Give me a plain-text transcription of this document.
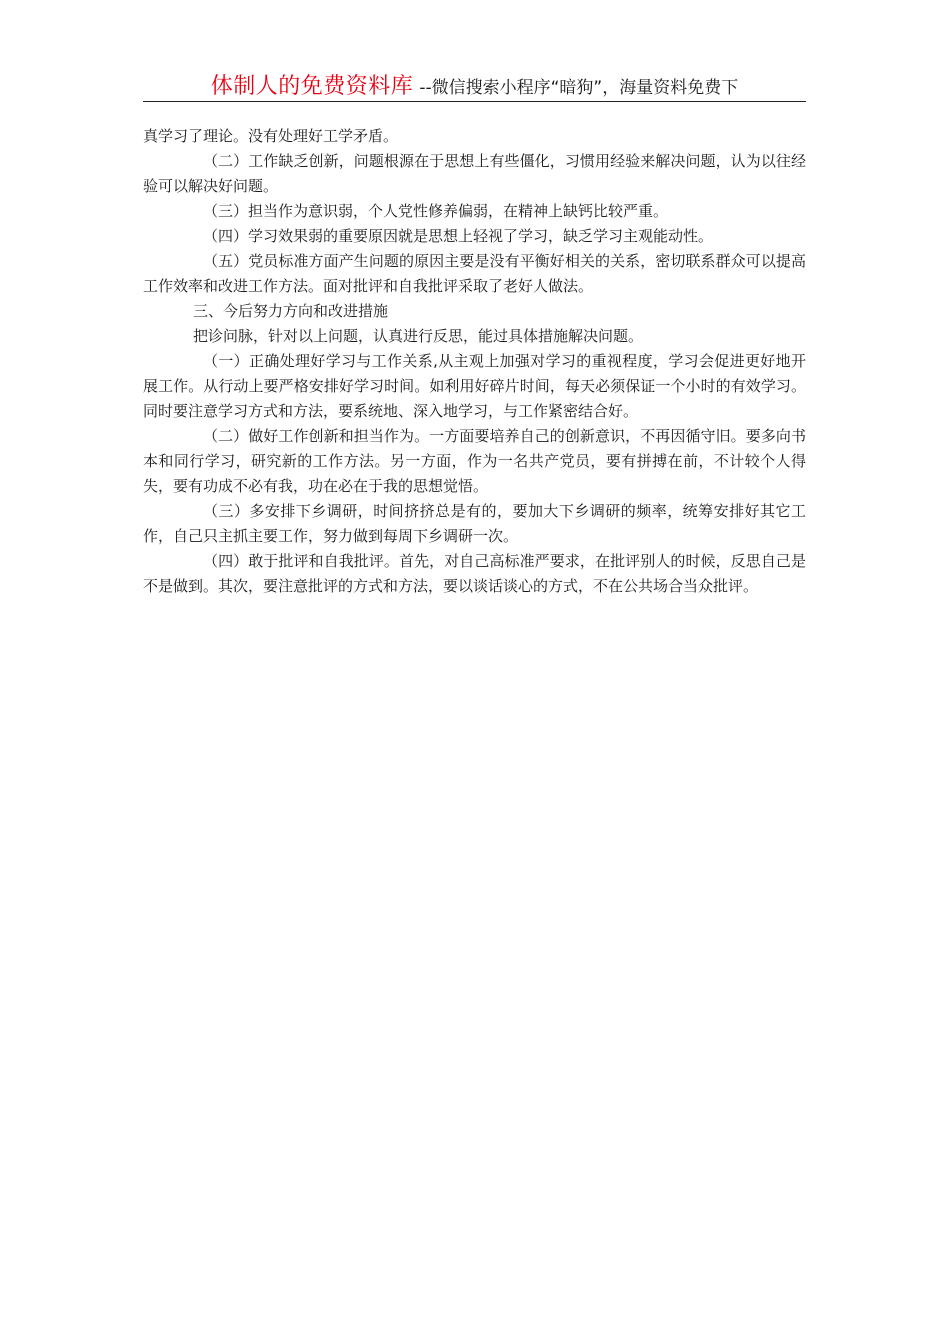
体制人的免费资料库 --微信搜索小程序“暗狗”，海量资料免费下

真学习了理论。没有处理好工学矛盾。

（二）工作缺乏创新，问题根源在于思想上有些僵化，习惯用经验来解决问题，认为以往经验可以解决好问题。

（三）担当作为意识弱，个人党性修养偏弱，在精神上缺钙比较严重。

（四）学习效果弱的重要原因就是思想上轻视了学习，缺乏学习主观能动性。

（五）党员标准方面产生问题的原因主要是没有平衡好相关的关系，密切联系群众可以提高工作效率和改进工作方法。面对批评和自我批评采取了老好人做法。

三、今后努力方向和改进措施

把诊问脉，针对以上问题，认真进行反思，能过具体措施解决问题。

（一）正确处理好学习与工作关系,从主观上加强对学习的重视程度，学习会促进更好地开展工作。从行动上要严格安排好学习时间。如利用好碎片时间，每天必须保证一个小时的有效学习。同时要注意学习方式和方法，要系统地、深入地学习，与工作紧密结合好。

（二）做好工作创新和担当作为。一方面要培养自己的创新意识，不再因循守旧。要多向书本和同行学习，研究新的工作方法。另一方面，作为一名共产党员，要有拼搏在前，不计较个人得失，要有功成不必有我，功在必在于我的思想觉悟。

（三）多安排下乡调研，时间挤挤总是有的，要加大下乡调研的频率，统筹安排好其它工作，自己只主抓主要工作，努力做到每周下乡调研一次。

（四）敢于批评和自我批评。首先，对自己高标准严要求，在批评别人的时候，反思自己是不是做到。其次，要注意批评的方式和方法，要以谈话谈心的方式，不在公共场合当众批评。
